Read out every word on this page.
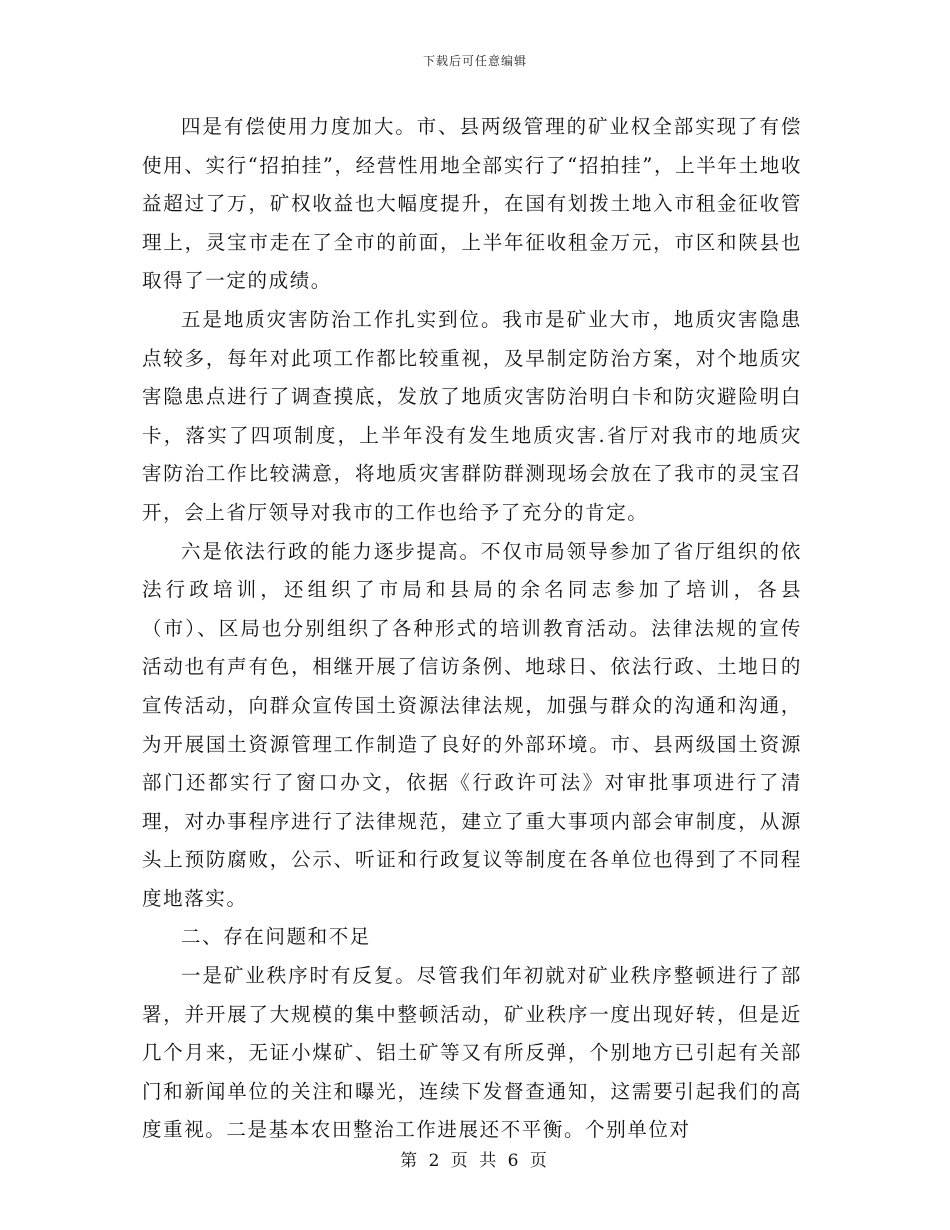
下载后可任意编辑

四是有偿使用力度加大。市、县两级管理的矿业权全部实现了有偿使用、实行“招拍挂”，经营性用地全部实行了“招拍挂”，上半年土地收益超过了万，矿权收益也大幅度提升，在国有划拨土地入市租金征收管理上，灵宝市走在了全市的前面，上半年征收租金万元，市区和陕县也取得了一定的成绩。

五是地质灾害防治工作扎实到位。我市是矿业大市，地质灾害隐患点较多，每年对此项工作都比较重视，及早制定防治方案，对个地质灾害隐患点进行了调查摸底，发放了地质灾害防治明白卡和防灾避险明白卡，落实了四项制度，上半年没有发生地质灾害.省厅对我市的地质灾害防治工作比较满意，将地质灾害群防群测现场会放在了我市的灵宝召开，会上省厅领导对我市的工作也给予了充分的肯定。

六是依法行政的能力逐步提高。不仅市局领导参加了省厅组织的依法行政培训，还组织了市局和县局的余名同志参加了培训，各县（市）、区局也分别组织了各种形式的培训教育活动。法律法规的宣传活动也有声有色，相继开展了信访条例、地球日、依法行政、土地日的宣传活动，向群众宣传国土资源法律法规，加强与群众的沟通和沟通，为开展国土资源管理工作制造了良好的外部环境。市、县两级国土资源部门还都实行了窗口办文，依据《行政许可法》对审批事项进行了清理，对办事程序进行了法律规范，建立了重大事项内部会审制度，从源头上预防腐败，公示、听证和行政复议等制度在各单位也得到了不同程度地落实。

二、存在问题和不足

一是矿业秩序时有反复。尽管我们年初就对矿业秩序整顿进行了部署，并开展了大规模的集中整顿活动，矿业秩序一度出现好转，但是近几个月来，无证小煤矿、铝土矿等又有所反弹，个别地方已引起有关部门和新闻单位的关注和曝光，连续下发督查通知，这需要引起我们的高度重视。二是基本农田整治工作进展还不平衡。个别单位对

第 2 页 共 6 页
